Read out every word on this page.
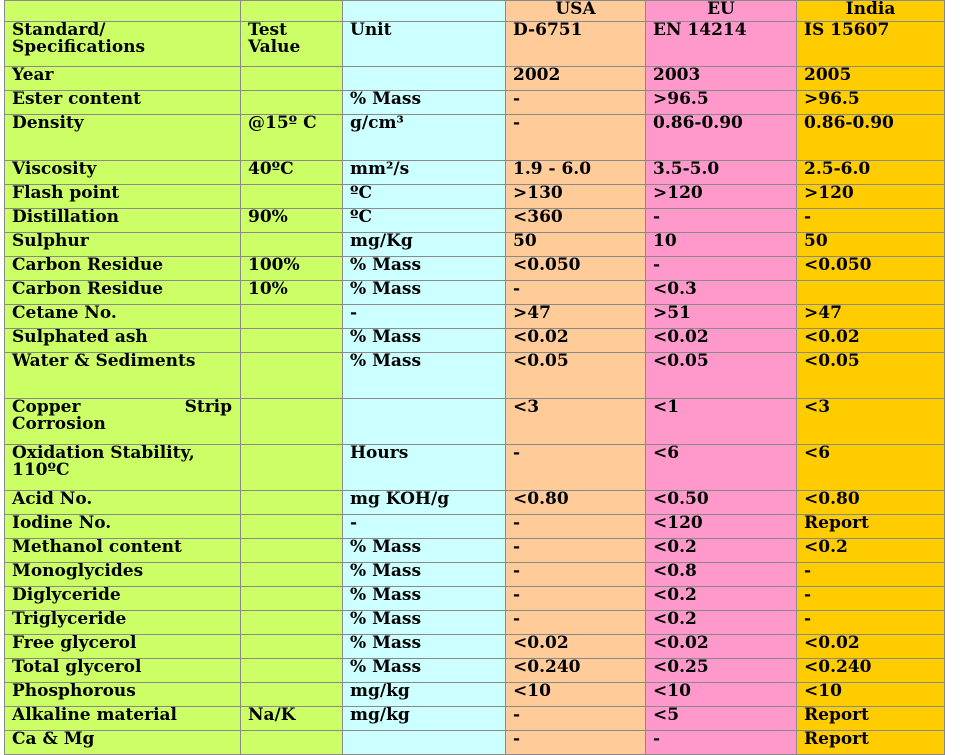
			USA	EU	India
Standard/ Specifications	Test Value	Unit	D-6751	EN 14214	IS 15607
Year			2002	2003	2005
Ester content		% Mass	-	>96.5	>96.5
Density	@15º C	g/cm³	-	0.86-0.90	0.86-0.90
Viscosity	40ºC	mm²/s	1.9 - 6.0	3.5-5.0	2.5-6.0
Flash point		ºC	>130	>120	>120
Distillation	90%	ºC	<360	-	-
Sulphur		mg/Kg	50	10	50
Carbon Residue	100%	% Mass	<0.050	-	<0.050
Carbon Residue	10%	% Mass	-	<0.3	
Cetane No.		-	>47	>51	>47
Sulphated ash		% Mass	<0.02	<0.02	<0.02
Water & Sediments		% Mass	<0.05	<0.05	<0.05
Copper Strip Corrosion			<3	<1	<3
Oxidation Stability, 110ºC		Hours	-	<6	<6
Acid No.		mg KOH/g	<0.80	<0.50	<0.80
Iodine No.		-	-	<120	Report
Methanol content		% Mass	-	<0.2	<0.2
Monoglycides		% Mass	-	<0.8	-
Diglyceride		% Mass	-	<0.2	-
Triglyceride		% Mass	-	<0.2	-
Free glycerol		% Mass	<0.02	<0.02	<0.02
Total glycerol		% Mass	<0.240	<0.25	<0.240
Phosphorous		mg/kg	<10	<10	<10
Alkaline material	Na/K	mg/kg	-	<5	Report
Ca & Mg			-	-	Report
